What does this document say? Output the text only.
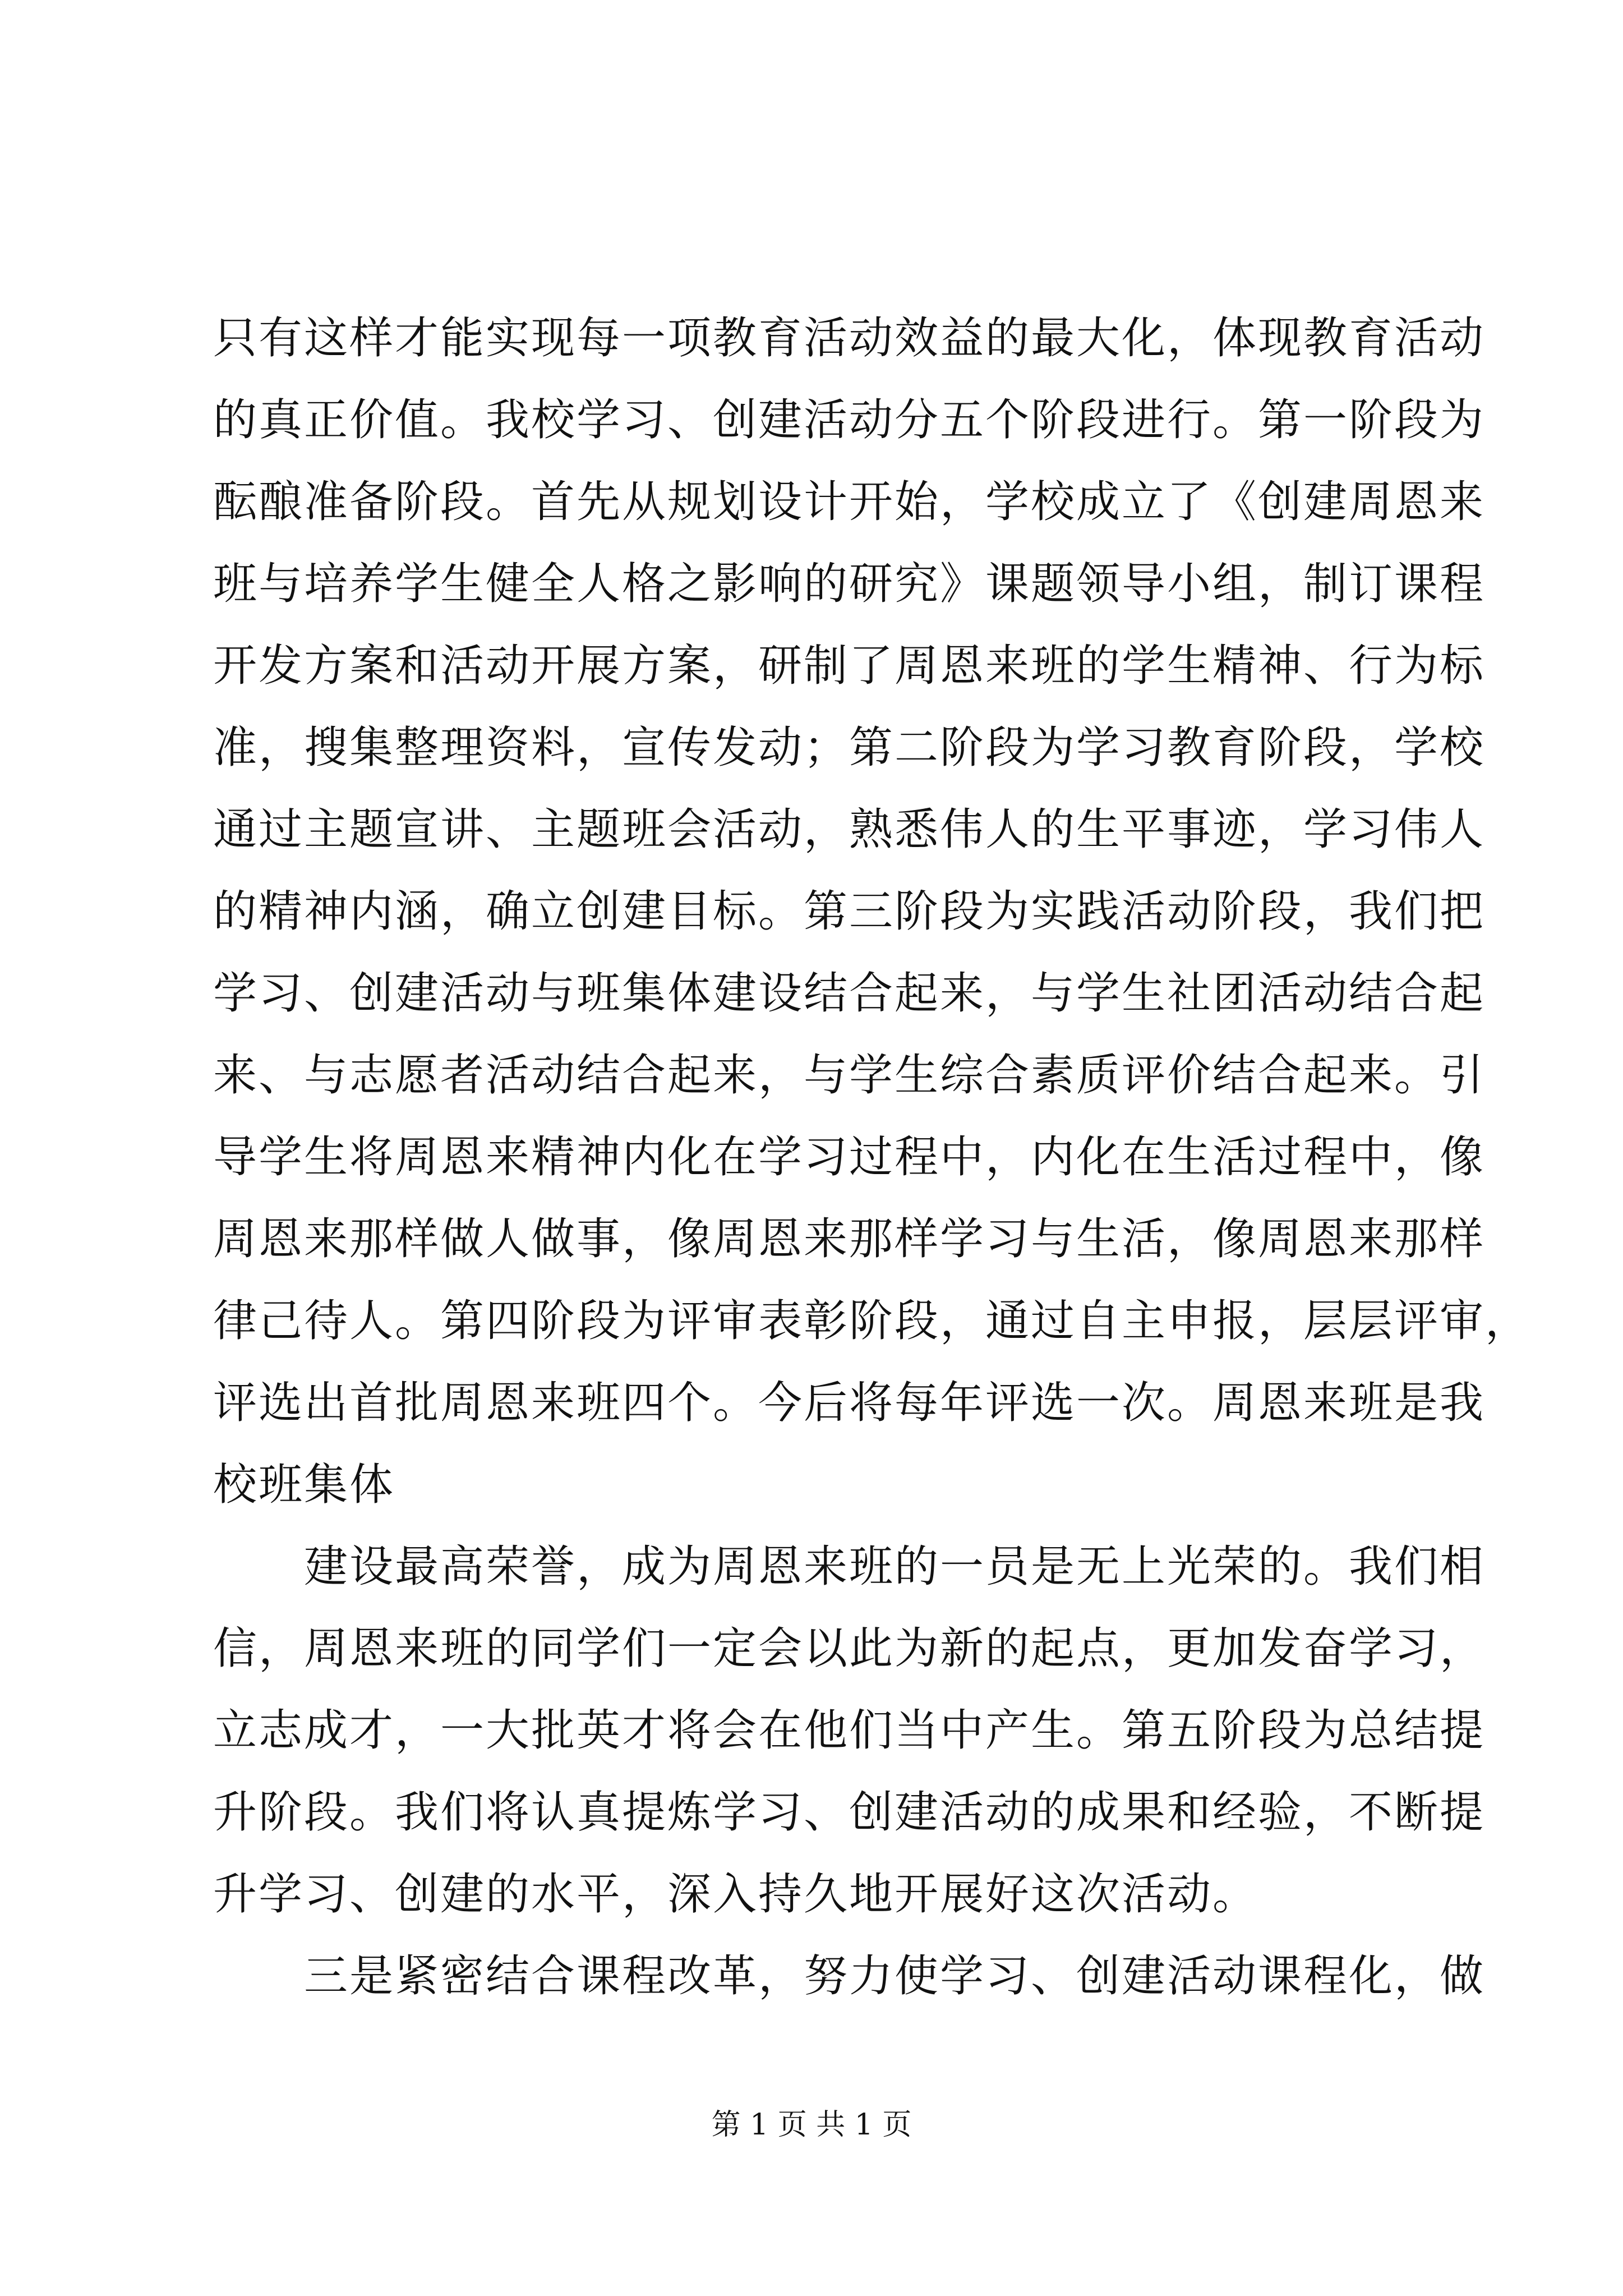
只有这样才能实现每一项教育活动效益的最大化，体现教育活动
的真正价值。我校学习、创建活动分五个阶段进行。第一阶段为
酝酿准备阶段。首先从规划设计开始，学校成立了《创建周恩来
班与培养学生健全人格之影响的研究》课题领导小组，制订课程
开发方案和活动开展方案，研制了周恩来班的学生精神、行为标
准，搜集整理资料，宣传发动；第二阶段为学习教育阶段，学校
通过主题宣讲、主题班会活动，熟悉伟人的生平事迹，学习伟人
的精神内涵，确立创建目标。第三阶段为实践活动阶段，我们把
学习、创建活动与班集体建设结合起来，与学生社团活动结合起
来、与志愿者活动结合起来，与学生综合素质评价结合起来。引
导学生将周恩来精神内化在学习过程中，内化在生活过程中，像
周恩来那样做人做事，像周恩来那样学习与生活，像周恩来那样
律己待人。第四阶段为评审表彰阶段，通过自主申报，层层评审，
评选出首批周恩来班四个。今后将每年评选一次。周恩来班是我
校班集体
建设最高荣誉，成为周恩来班的一员是无上光荣的。我们相
信，周恩来班的同学们一定会以此为新的起点，更加发奋学习，
立志成才，一大批英才将会在他们当中产生。第五阶段为总结提
升阶段。我们将认真提炼学习、创建活动的成果和经验，不断提
升学习、创建的水平，深入持久地开展好这次活动。
三是紧密结合课程改革，努力使学习、创建活动课程化，做
第 1 页 共 1 页
